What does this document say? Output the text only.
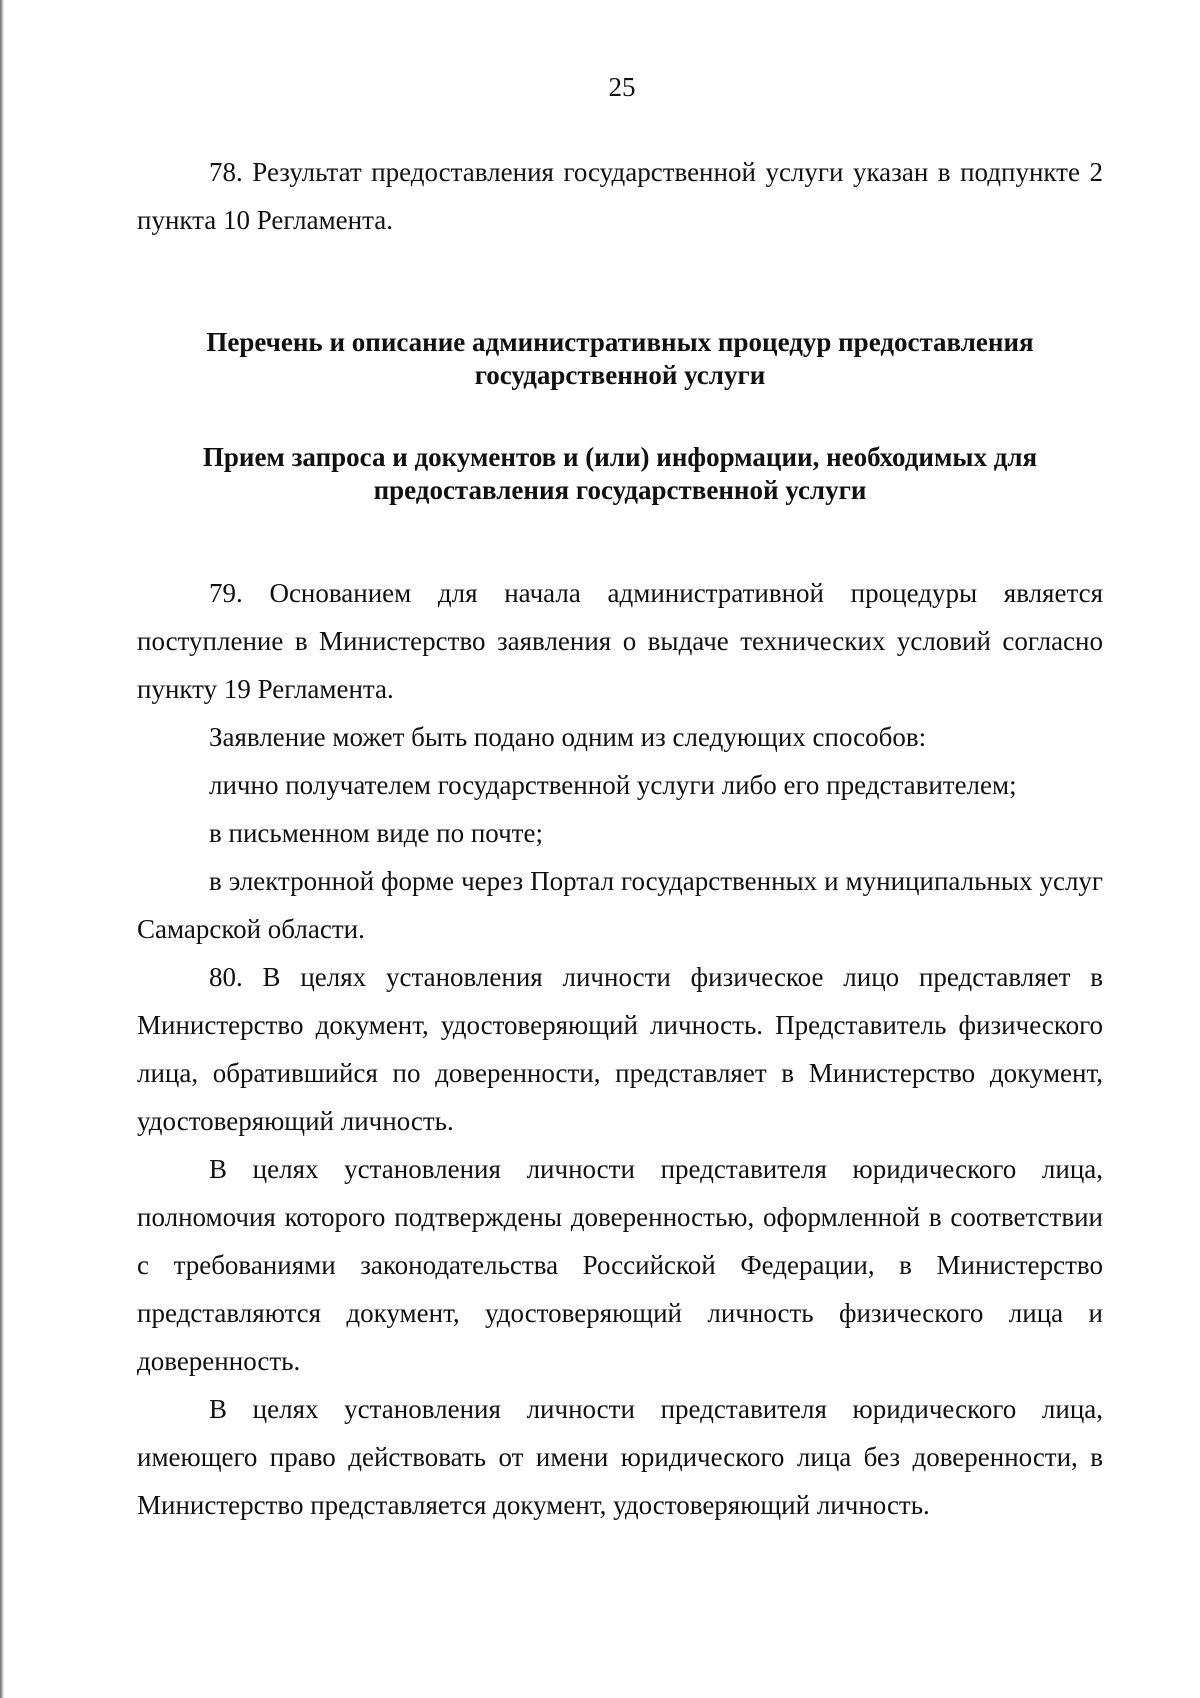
25

78. Результат предоставления государственной услуги указан в подпункте 2 пункта 10 Регламента.

Перечень и описание административных процедур предоставления
государственной услуги
Прием запроса и документов и (или) информации, необходимых для
предоставления государственной услуги

79. Основанием для начала административной процедуры является поступление в Министерство заявления о выдаче технических условий согласно пункту 19 Регламента.

Заявление может быть подано одним из следующих способов:

лично получателем государственной услуги либо его представителем;

в письменном виде по почте;

в электронной форме через Портал государственных и муниципальных услуг Самарской области.

80. В целях установления личности физическое лицо представляет в Министерство документ, удостоверяющий личность. Представитель физического лица, обратившийся по доверенности, представляет в Министерство документ, удостоверяющий личность.

В целях установления личности представителя юридического лица, полномочия которого подтверждены доверенностью, оформленной в соответствии с требованиями законодательства Российской Федерации, в Министерство представляются документ, удостоверяющий личность физического лица и доверенность.

В целях установления личности представителя юридического лица, имеющего право действовать от имени юридического лица без доверенности, в Министерство представляется документ, удостоверяющий личность.
